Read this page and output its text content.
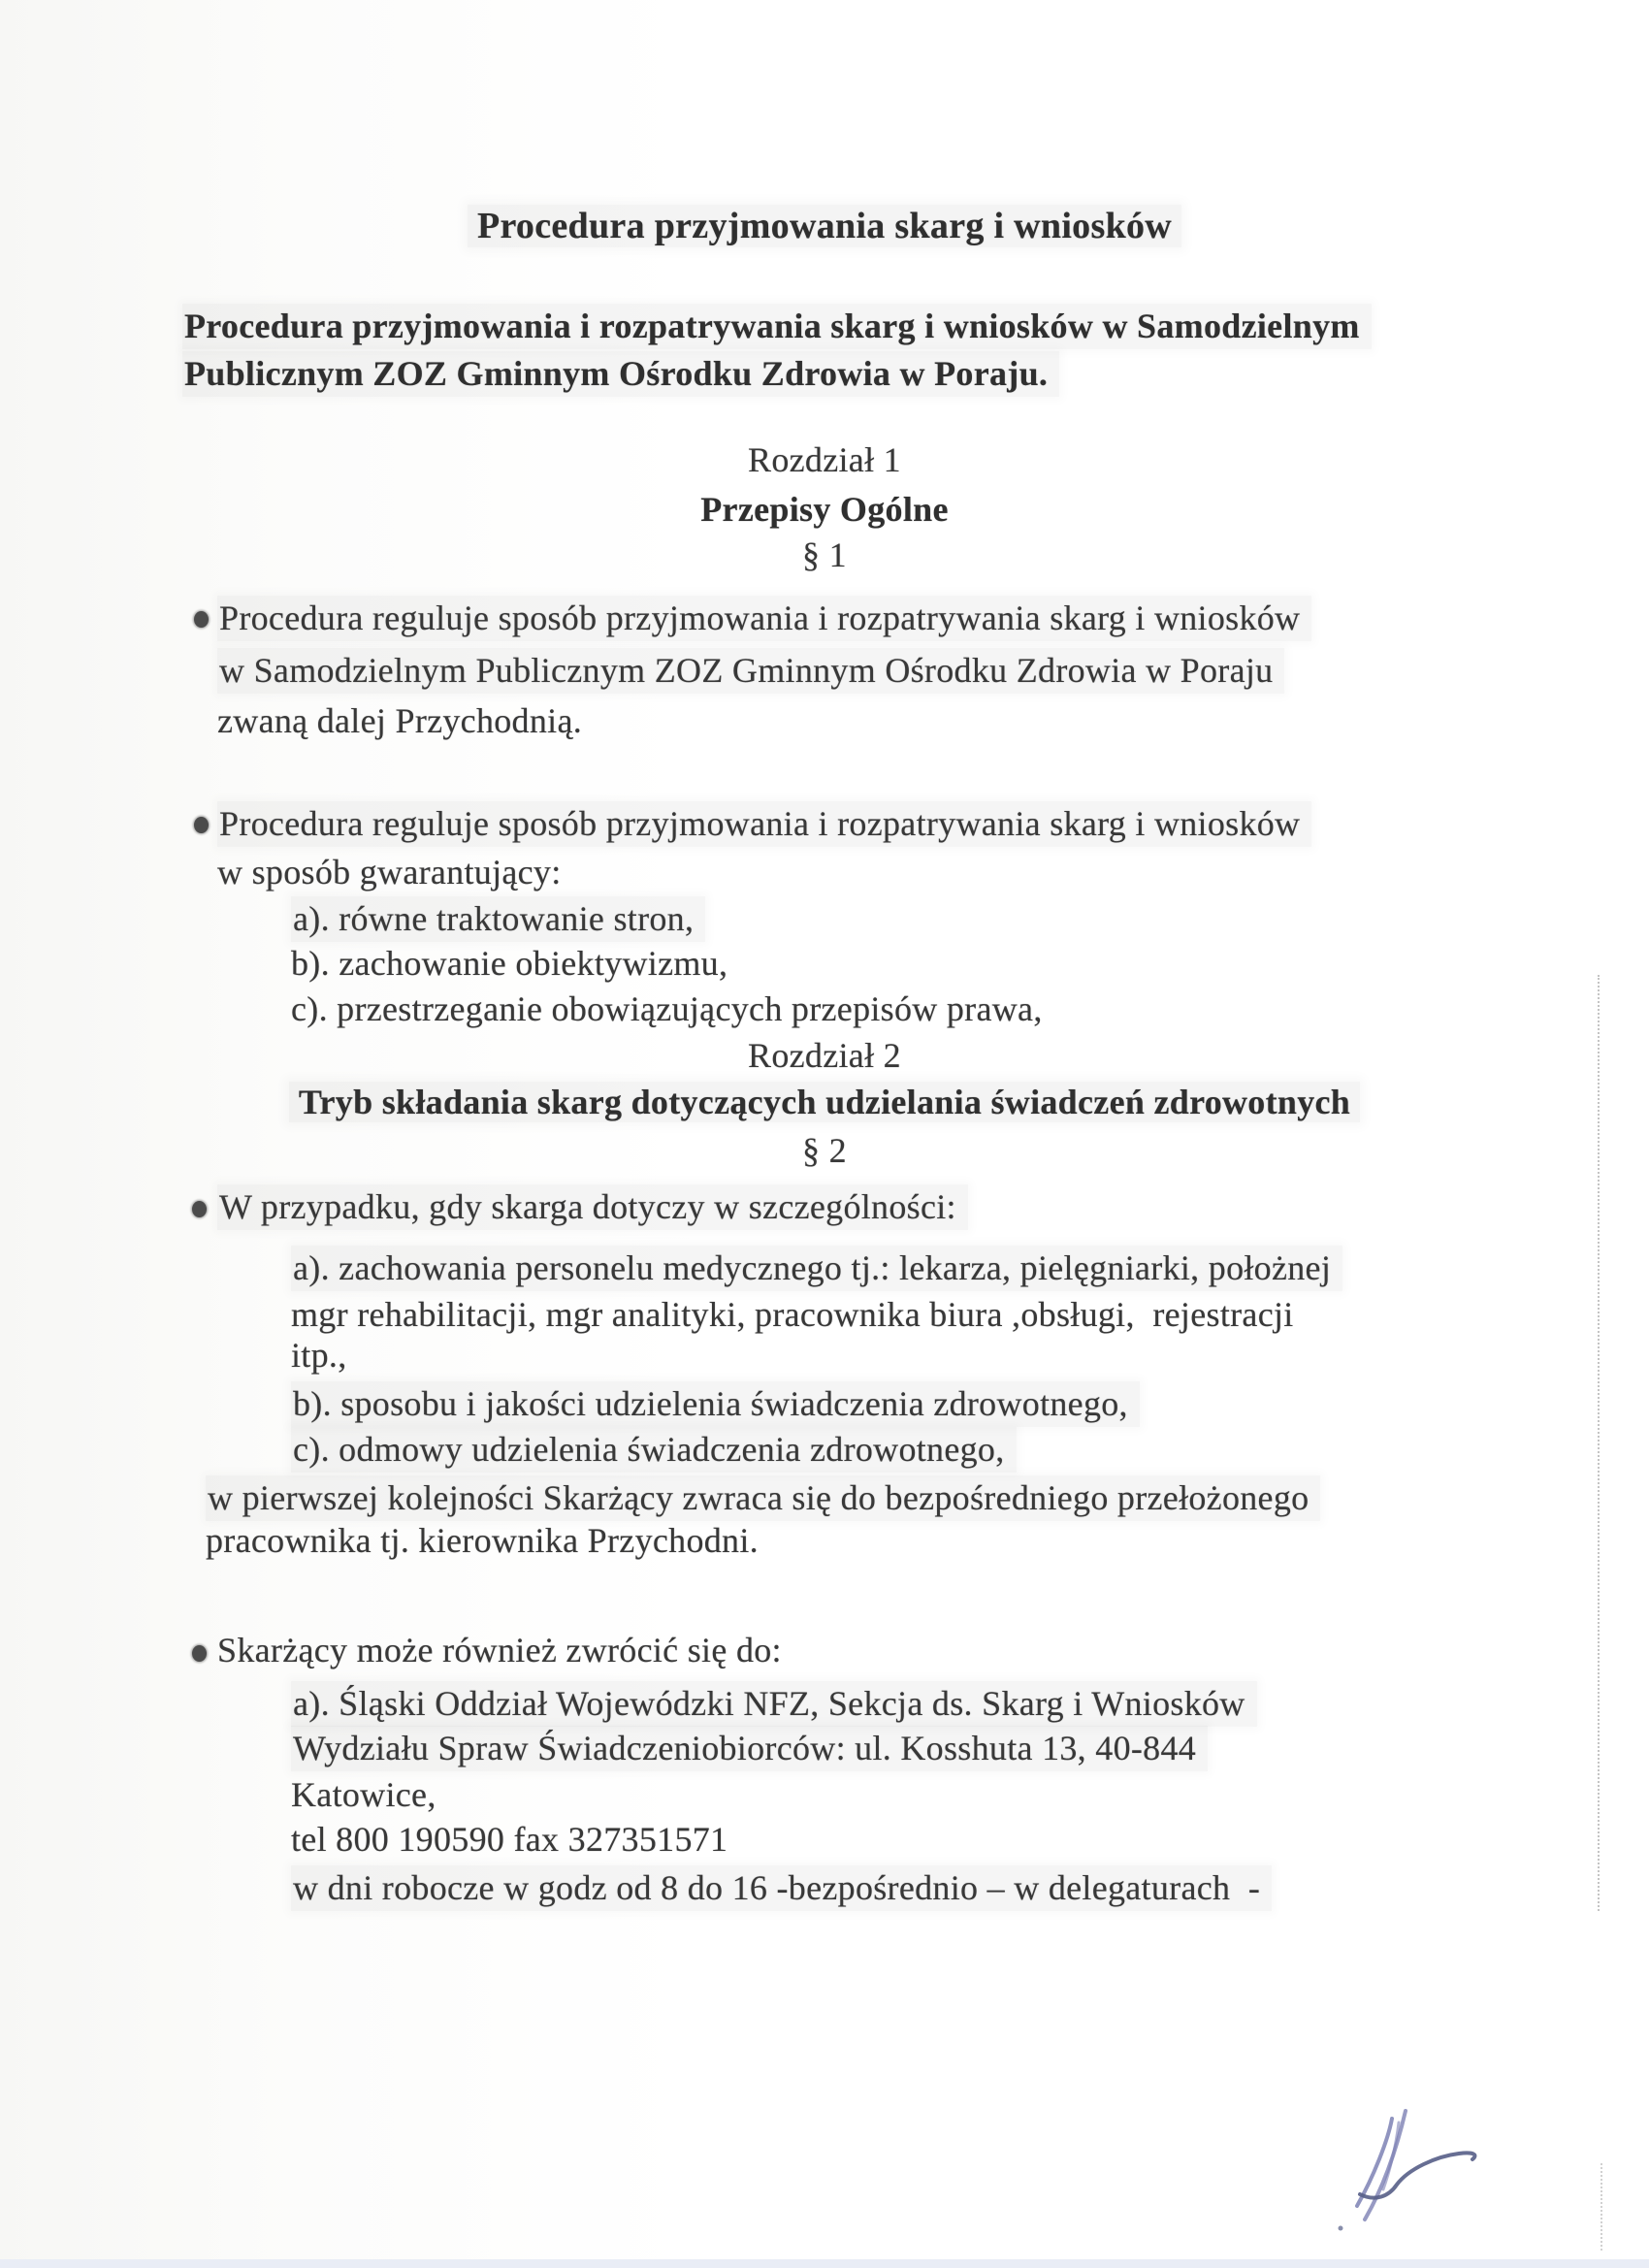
Procedura przyjmowania skarg i wniosków
Procedura przyjmowania i rozpatrywania skarg i wniosków w Samodzielnym
Publicznym ZOZ Gminnym Ośrodku Zdrowia w Poraju.
Rozdział 1
Przepisy Ogólne
§ 1
Procedura reguluje sposób przyjmowania i rozpatrywania skarg i wniosków
w Samodzielnym Publicznym ZOZ Gminnym Ośrodku Zdrowia w Poraju
zwaną dalej Przychodnią.
Procedura reguluje sposób przyjmowania i rozpatrywania skarg i wniosków
w sposób gwarantujący:
a). równe traktowanie stron,
b). zachowanie obiektywizmu,
c). przestrzeganie obowiązujących przepisów prawa,
Rozdział 2
Tryb składania skarg dotyczących udzielania świadczeń zdrowotnych
§ 2
W przypadku, gdy skarga dotyczy w szczególności:
a). zachowania personelu medycznego tj.: lekarza, pielęgniarki, położnej
mgr rehabilitacji, mgr analityki, pracownika biura ,obsługi,  rejestracji
itp.,
b). sposobu i jakości udzielenia świadczenia zdrowotnego,
c). odmowy udzielenia świadczenia zdrowotnego,
w pierwszej kolejności Skarżący zwraca się do bezpośredniego przełożonego
pracownika tj. kierownika Przychodni.
Skarżący może również zwrócić się do:
a). Śląski Oddział Wojewódzki NFZ, Sekcja ds. Skarg i Wniosków
Wydziału Spraw Świadczeniobiorców: ul. Kosshuta 13, 40-844
Katowice,
tel 800 190590 fax 327351571
w dni robocze w godz od 8 do 16 -bezpośrednio – w delegaturach  -
